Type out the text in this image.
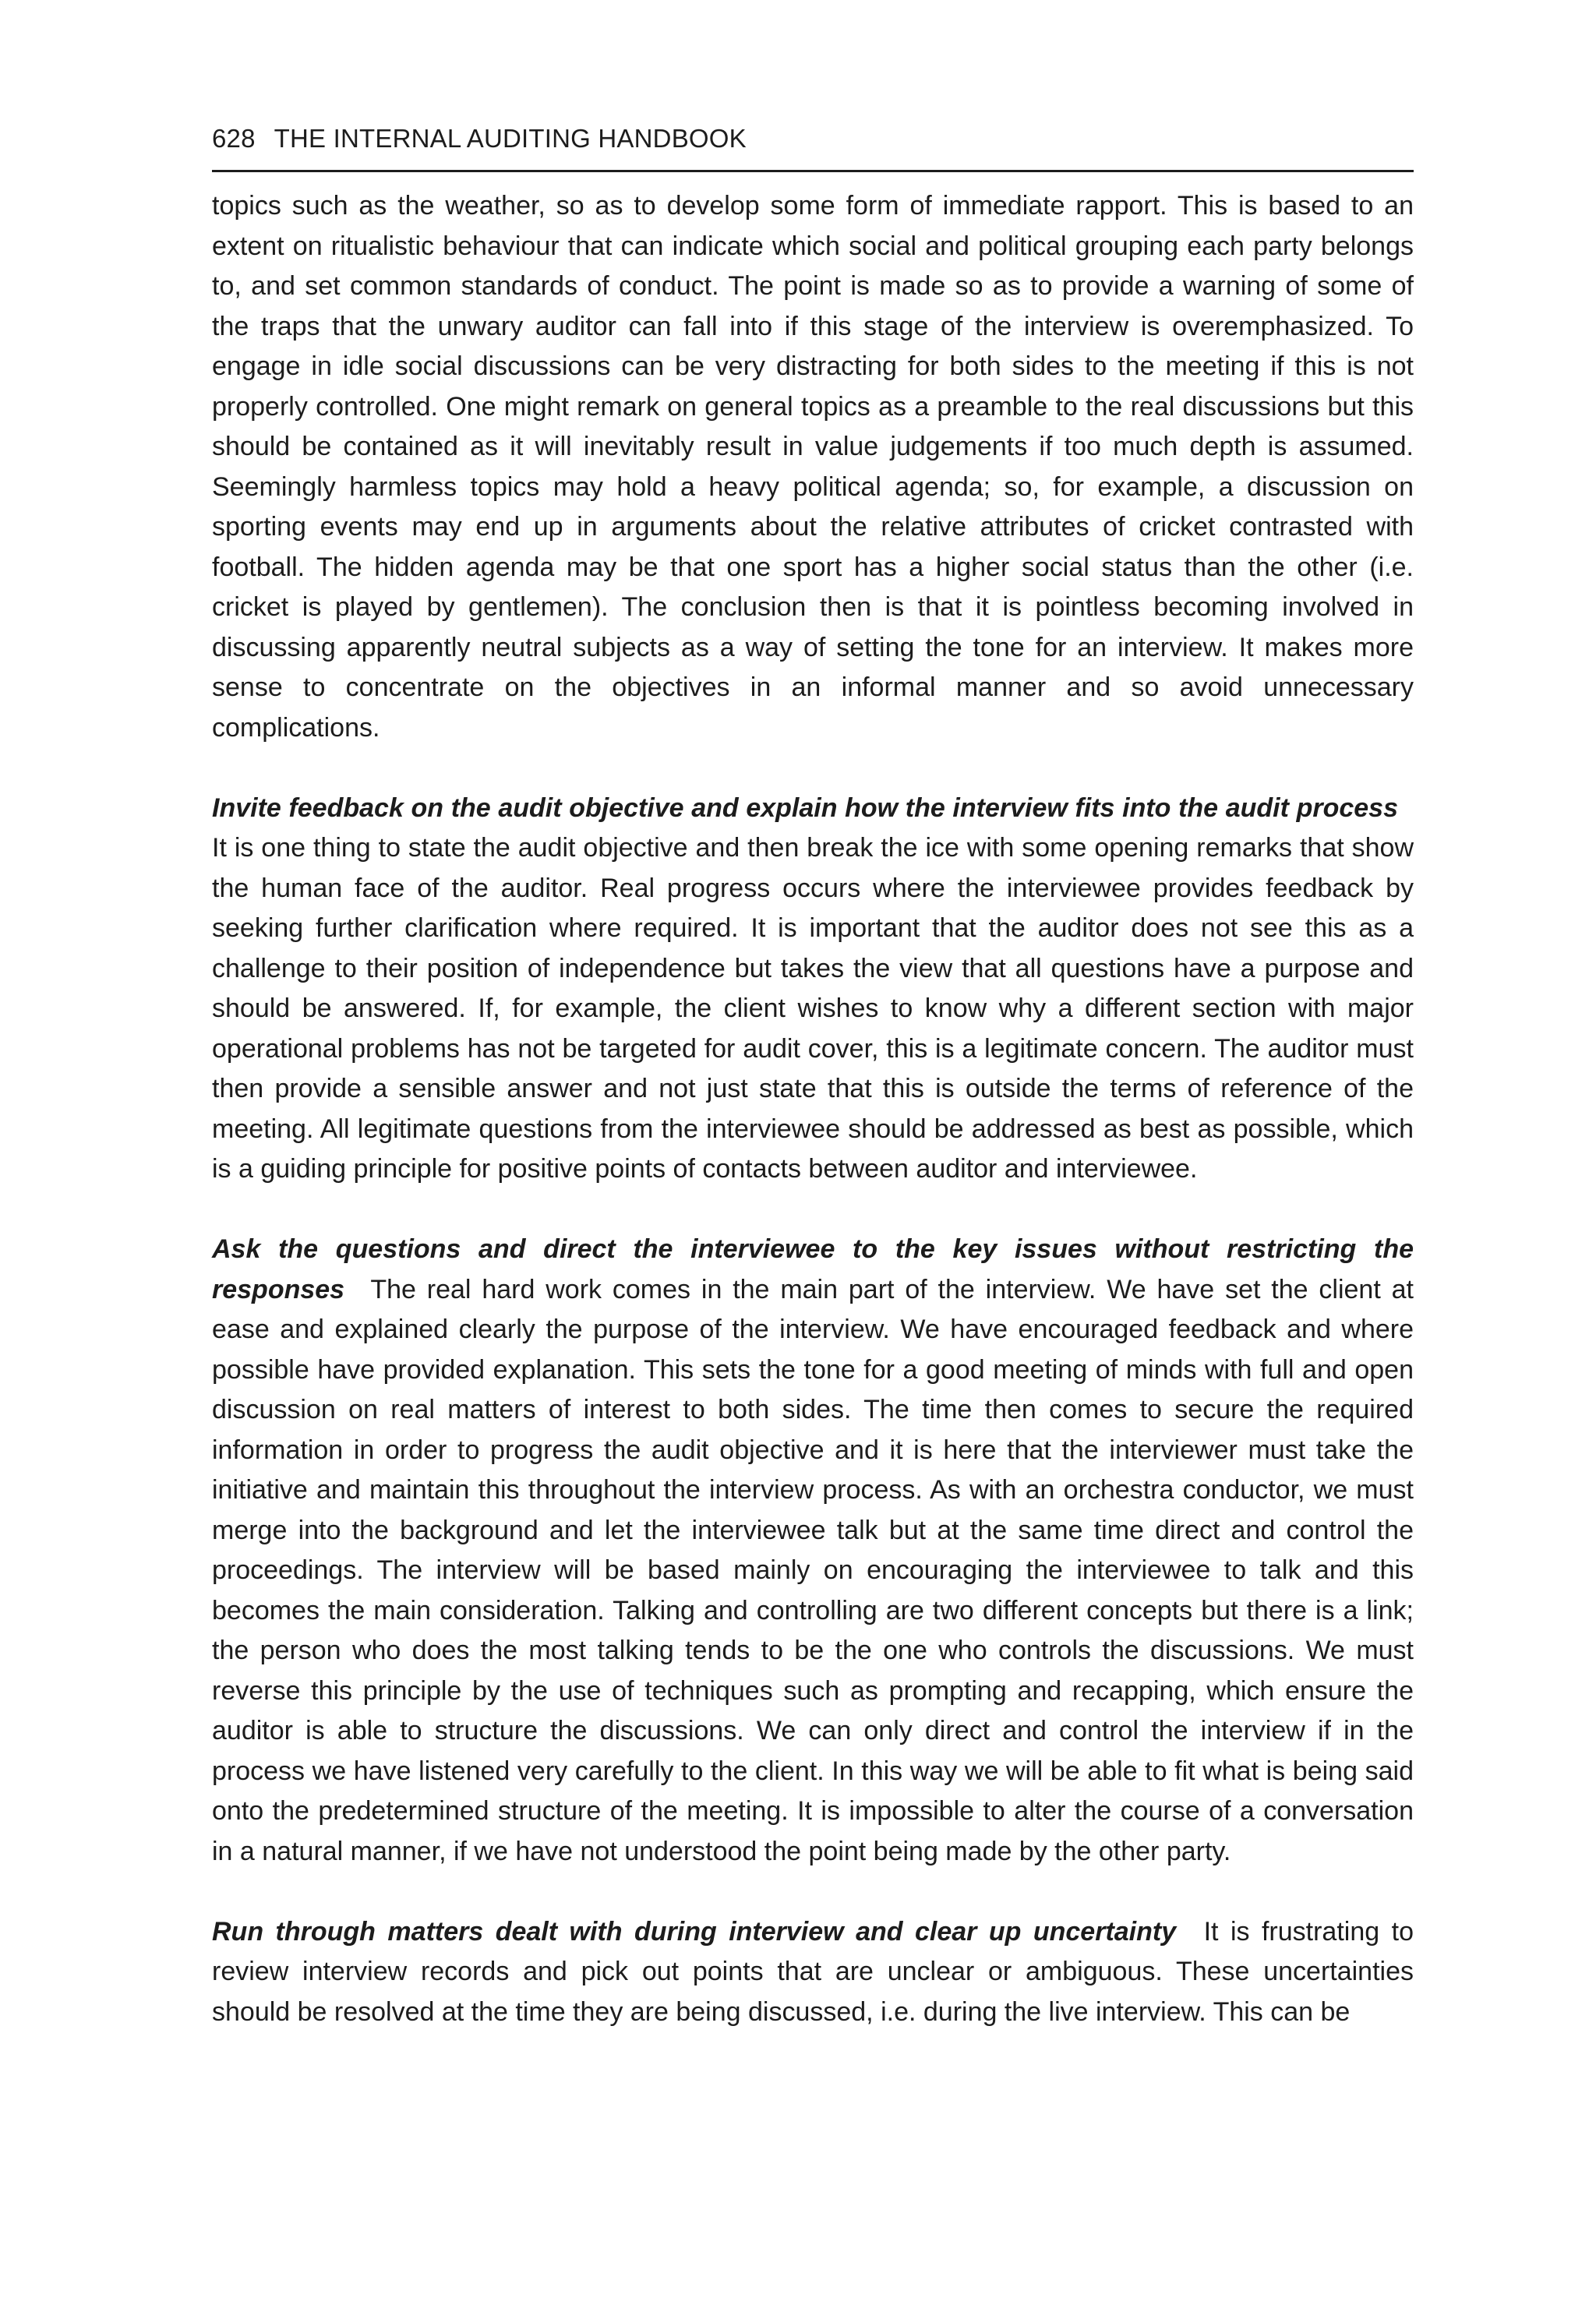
628 THE INTERNAL AUDITING HANDBOOK

topics such as the weather, so as to develop some form of immediate rapport. This is based to an extent on ritualistic behaviour that can indicate which social and political grouping each party belongs to, and set common standards of conduct. The point is made so as to provide a warning of some of the traps that the unwary auditor can fall into if this stage of the interview is overemphasized. To engage in idle social discussions can be very distracting for both sides to the meeting if this is not properly controlled. One might remark on general topics as a preamble to the real discussions but this should be contained as it will inevitably result in value judgements if too much depth is assumed. Seemingly harmless topics may hold a heavy political agenda; so, for example, a discussion on sporting events may end up in arguments about the relative attributes of cricket contrasted with football. The hidden agenda may be that one sport has a higher social status than the other (i.e. cricket is played by gentlemen). The conclusion then is that it is pointless becoming involved in discussing apparently neutral subjects as a way of setting the tone for an interview. It makes more sense to concentrate on the objectives in an informal manner and so avoid unnecessary complications.

Invite feedback on the audit objective and explain how the interview fits into the audit process It is one thing to state the audit objective and then break the ice with some opening remarks that show the human face of the auditor. Real progress occurs where the interviewee provides feedback by seeking further clarification where required. It is important that the auditor does not see this as a challenge to their position of independence but takes the view that all questions have a purpose and should be answered. If, for example, the client wishes to know why a different section with major operational problems has not be targeted for audit cover, this is a legitimate concern. The auditor must then provide a sensible answer and not just state that this is outside the terms of reference of the meeting. All legitimate questions from the interviewee should be addressed as best as possible, which is a guiding principle for positive points of contacts between auditor and interviewee.

Ask the questions and direct the interviewee to the key issues without restricting the responses The real hard work comes in the main part of the interview. We have set the client at ease and explained clearly the purpose of the interview. We have encouraged feedback and where possible have provided explanation. This sets the tone for a good meeting of minds with full and open discussion on real matters of interest to both sides. The time then comes to secure the required information in order to progress the audit objective and it is here that the interviewer must take the initiative and maintain this throughout the interview process. As with an orchestra conductor, we must merge into the background and let the interviewee talk but at the same time direct and control the proceedings. The interview will be based mainly on encouraging the interviewee to talk and this becomes the main consideration. Talking and controlling are two different concepts but there is a link; the person who does the most talking tends to be the one who controls the discussions. We must reverse this principle by the use of techniques such as prompting and recapping, which ensure the auditor is able to structure the discussions. We can only direct and control the interview if in the process we have listened very carefully to the client. In this way we will be able to fit what is being said onto the predetermined structure of the meeting. It is impossible to alter the course of a conversation in a natural manner, if we have not understood the point being made by the other party.

Run through matters dealt with during interview and clear up uncertainty It is frustrating to review interview records and pick out points that are unclear or ambiguous. These uncertainties should be resolved at the time they are being discussed, i.e. during the live interview. This can be
